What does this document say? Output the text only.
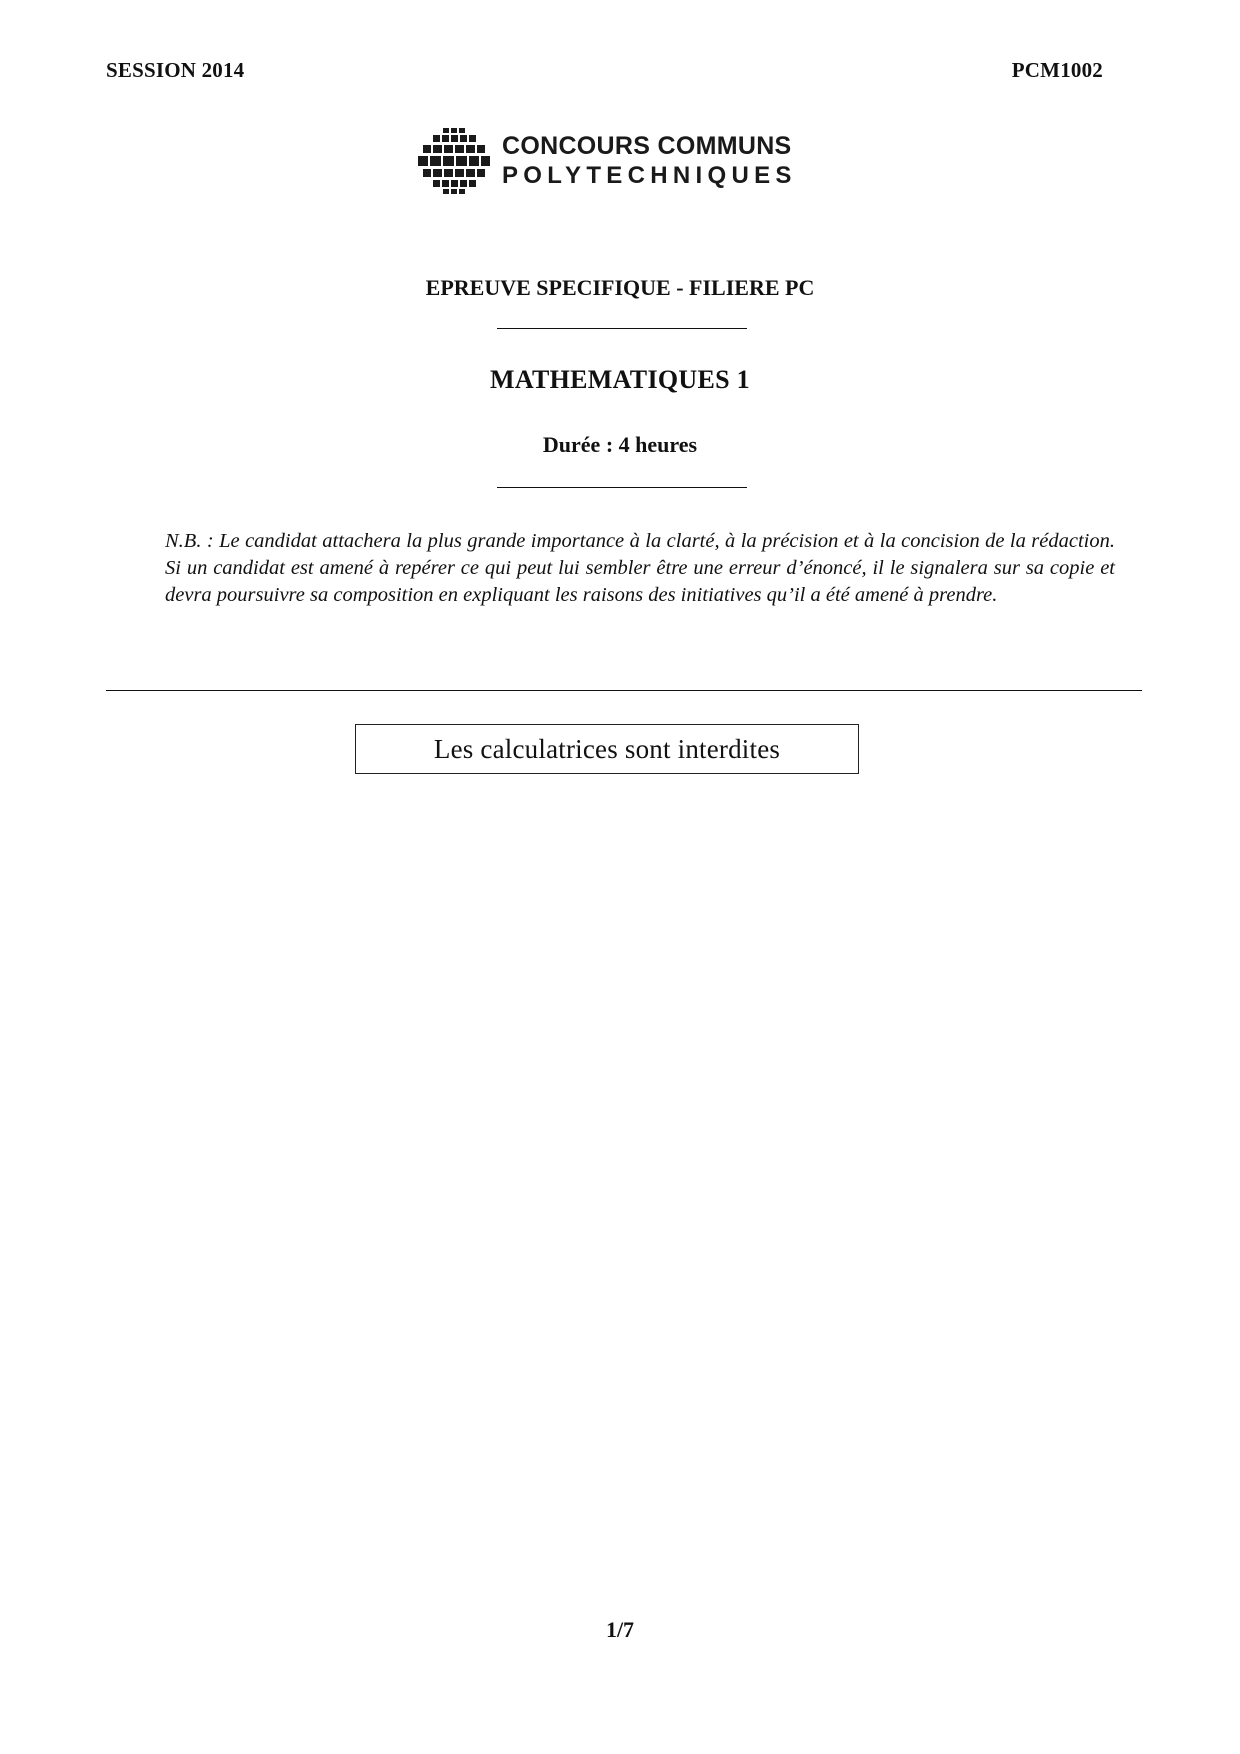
SESSION 2014	PCM1002
CONCOURS COMMUNS
POLYTECHNIQUES
EPREUVE SPECIFIQUE - FILIERE PC
MATHEMATIQUES 1
Durée : 4 heures
N.B. : Le candidat attachera la plus grande importance à la clarté, à la précision et à la concision de la rédaction. Si un candidat est amené à repérer ce qui peut lui sembler être une erreur d’énoncé, il le signalera sur sa copie et devra poursuivre sa composition en expliquant les raisons des initiatives qu’il a été amené à prendre.
Les calculatrices sont interdites
1/7
